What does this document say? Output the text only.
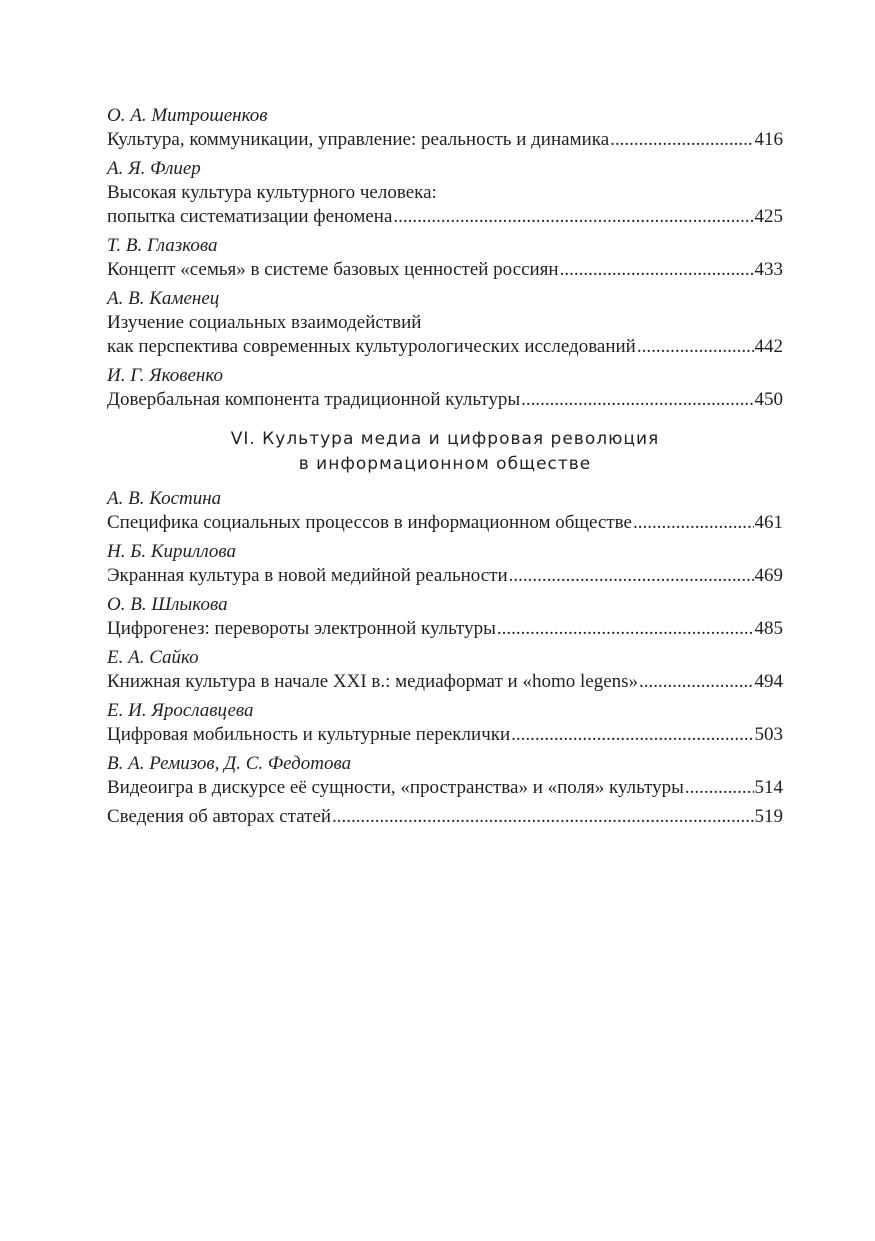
О. А. Митрошенков
Культура, коммуникации, управление: реальность и динамика .....	416
А. Я. Флиер
Высокая культура культурного человека:
попытка систематизации феномена .....	425
Т. В. Глазкова
Концепт «семья» в системе базовых ценностей россиян .....	433
А. В. Каменец
Изучение социальных взаимодействий
как перспектива современных культурологических исследований .....	442
И. Г. Яковенко
Довербальная компонента традиционной культуры .....	450
VI. Культура медиа и цифровая революция
в информационном обществе
А. В. Костина
Специфика социальных процессов в информационном обществе .....	461
Н. Б. Кириллова
Экранная культура в новой медийной реальности .....	469
О. В. Шлыкова
Цифрогенез: перевороты электронной культуры .....	485
Е. А. Сайко
Книжная культура в начале XXI в.: медиаформат и «homo legens» .....	494
Е. И. Ярославцева
Цифровая мобильность и культурные переклички .....	503
В. А. Ремизов, Д. С. Федотова
Видеоигра в дискурсе её сущности, «пространства» и «поля» культуры .....	514
Сведения об авторах статей .....	519
